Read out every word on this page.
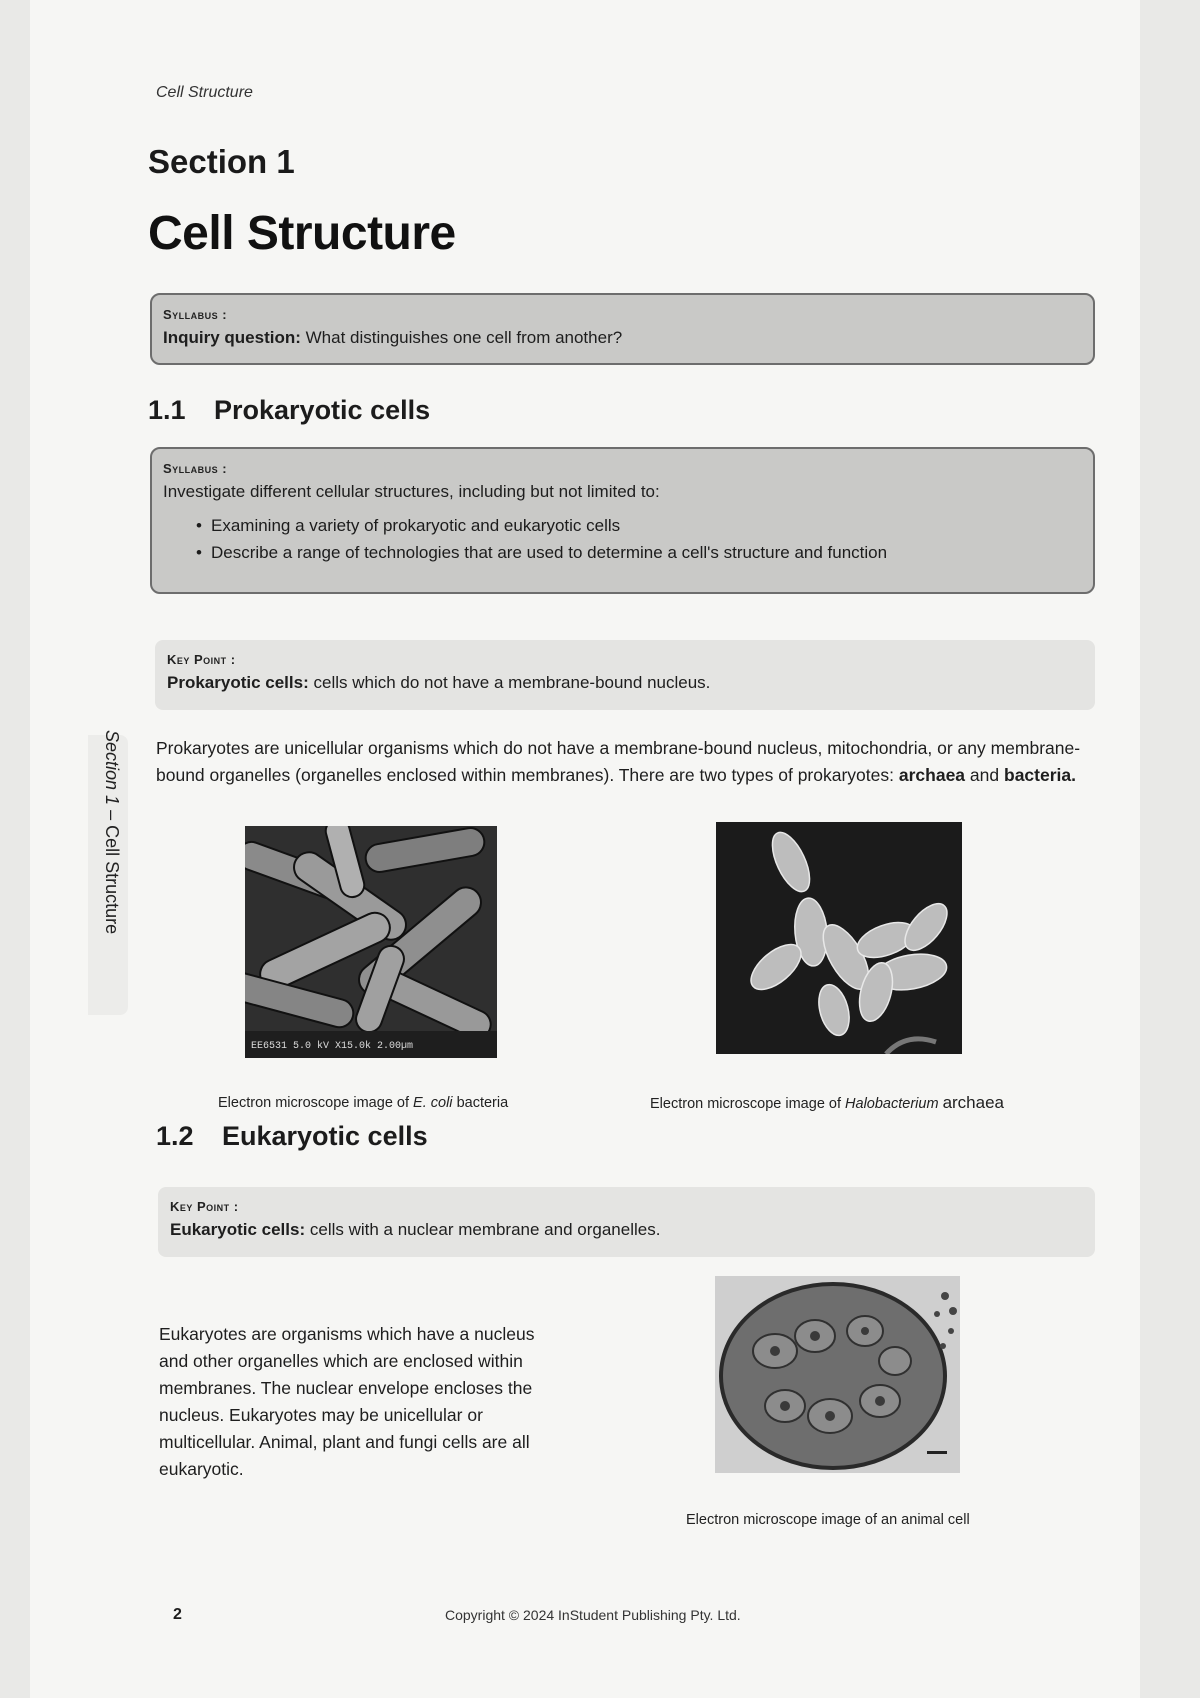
Cell Structure
Section 1
Cell Structure
Section 1 – Cell Structure
Syllabus :
Inquiry question: What distinguishes one cell from another?
1.1 Prokaryotic cells
Syllabus :
Investigate different cellular structures, including but not limited to:
• Examining a variety of prokaryotic and eukaryotic cells
• Describe a range of technologies that are used to determine a cell's structure and function
Key Point :
Prokaryotic cells: cells which do not have a membrane-bound nucleus.
Prokaryotes are unicellular organisms which do not have a membrane-bound nucleus, mitochondria, or any membrane-bound organelles (organelles enclosed within membranes). There are two types of prokaryotes: archaea and bacteria.
EE6531 5.0 kV X15.0k 2.00µm
Electron microscope image of E. coli bacteria	Electron microscope image of Halobacterium archaea
1.2 Eukaryotic cells
Key Point :
Eukaryotic cells: cells with a nuclear membrane and organelles.
Eukaryotes are organisms which have a nucleus and other organelles which are enclosed within membranes. The nuclear envelope encloses the nucleus. Eukaryotes may be unicellular or multicellular. Animal, plant and fungi cells are all eukaryotic.
Electron microscope image of an animal cell
2	Copyright © 2024 InStudent Publishing Pty. Ltd.
